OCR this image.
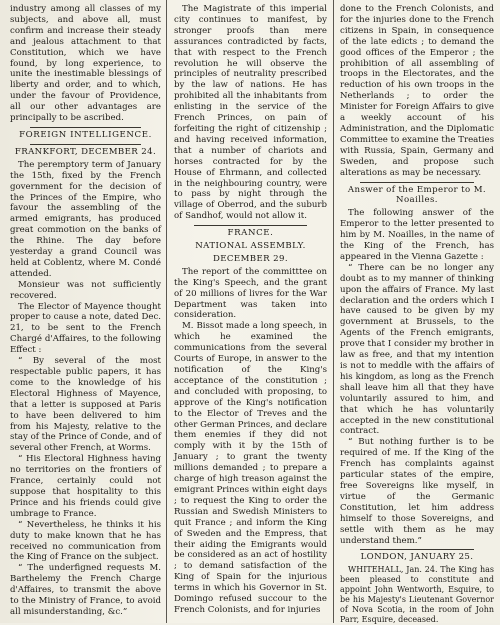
industry among all classes of my subjects, and above all, must confirm and increase their steady and jealous attachment to that Constitution, which we have found, by long experience, to unite the inestimable blessings of liberty and order, and to which, under the favour of Providence, all our other advantages are principally to be ascribed.

FOREIGN INTELLIGENCE.
FRANKFORT, DECEMBER 24.

The peremptory term of January the 15th, fixed by the French government for the decision of the Princes of the Empire, who favour the assembling of the armed emigrants, has produced great commotion on the banks of the Rhine. The day before yesterday a grand Council was held at Coblentz, where M. Condé attended.

Monsieur was not sufficiently recovered.

The Elector of Mayence thought proper to cause a note, dated Dec. 21, to be sent to the French Chargé d'Affaires, to the following Effect :

“ By several of the most respectable public papers, it has come to the knowledge of his Electoral Highness of Mayence, that a letter is supposed at Paris to have been delivered to him from his Majesty, relative to the stay of the Prince of Conde, and of several other French, at Worms.

“ His Electoral Highness having no territories on the frontiers of France, certainly could not suppose that hospitality to this Prince and his friends could give umbrage to France.

“ Nevertheless, he thinks it his duty to make known that he has received no communication from the King of France on the subject.

“ The underfigned requests M. Barthelemy the French Charge d'Affaires, to transmit the above to the Ministry of France, to avoid all misunderstanding, &c.”

The Magistrate of this imperial city continues to manifest, by stronger proofs than mere assurances contradicted by facts, that with respect to the French revolution he will observe the principles of neutrality prescribed by the law of nations. He has prohibited all the inhabitants from enlisting in the service of the French Princes, on pain of forfeiting the right of citizenship ; and having received information, that a number of chariots and horses contracted for by the House of Ehrmann, and collected in the neighbouring country, were to pass by night through the village of Oberrod, and the suburb of Sandhof, would not allow it.

FRANCE.
NATIONAL ASSEMBLY.
DECEMBER 29.

The report of the committtee on the King's Speech, and the grant of 20 millions of livres for the War Department was taken into consideration.

M. Bissot made a long speech, in which he examined the communications from the several Courts of Europe, in answer to the notification of the King's acceptance of the constitution ; and concluded with proposing, to approve of the King's notification to the Elector of Treves and the other German Princes, and declare them enemies if they did not comply with it by the 15th of January ; to grant the twenty millions demanded ; to prepare a charge of high treason against the emigrant Princes within eight days ; to request the King to order the Russian and Swedish Ministers to quit France ; and inform the King of Sweden and the Empress, that their aiding the Emigrants would be considered as an act of hostility ; to demand satisfaction of the King of Spain for the injurious terms in which his Governor in St. Domingo refused succour to the French Colonists, and for injuries

done to the French Colonists, and for the injuries done to the French citizens in Spain, in consequence of the late edicts ; to demand the good offices of the Emperor ; the prohibition of all assembling of troops in the Electorates, and the reduction of his own troops in the Netherlands ; to order the Minister for Foreign Affairs to give a weekly account of his Administration, and the Diplomatic Committee to examine the Treaties with Russia, Spain, Germany and Sweden, and propose such alterations as may be necessary.

Answer of the Emperor to M. Noailles.

The following answer of the Emperor to the letter presented to him by M. Noailles, in the name of the King of the French, has appeared in the Vienna Gazette :

“ There can be no longer any doubt as to my manner of thinking upon the affairs of France. My last declaration and the orders which I have caused to be given by my government at Brussels, to the Agents of the French emigrants, prove that I consider my brother in law as free, and that my intention is not to meddle with the affairs of his kingdom, as long as the French shall leave him all that they have voluntarily assured to him, and that which he has voluntarily accepted in the new constitutional contract.

“ But nothing further is to be required of me. If the King of the French has complaints against particular states of the empire, free Sovereigns like myself, in virtue of the Germanic Constitution, let him address himself to those Sovereigns, and settle with them as he may understand them.”

LONDON, JANUARY 25.

WHITEHALL, Jan. 24. The King has been pleased to constitute and appoint John Wentworth, Esquire, to be his Majesty's Lieutenant Governor of Nova Scotia, in the room of John Parr, Esquire, deceased.
